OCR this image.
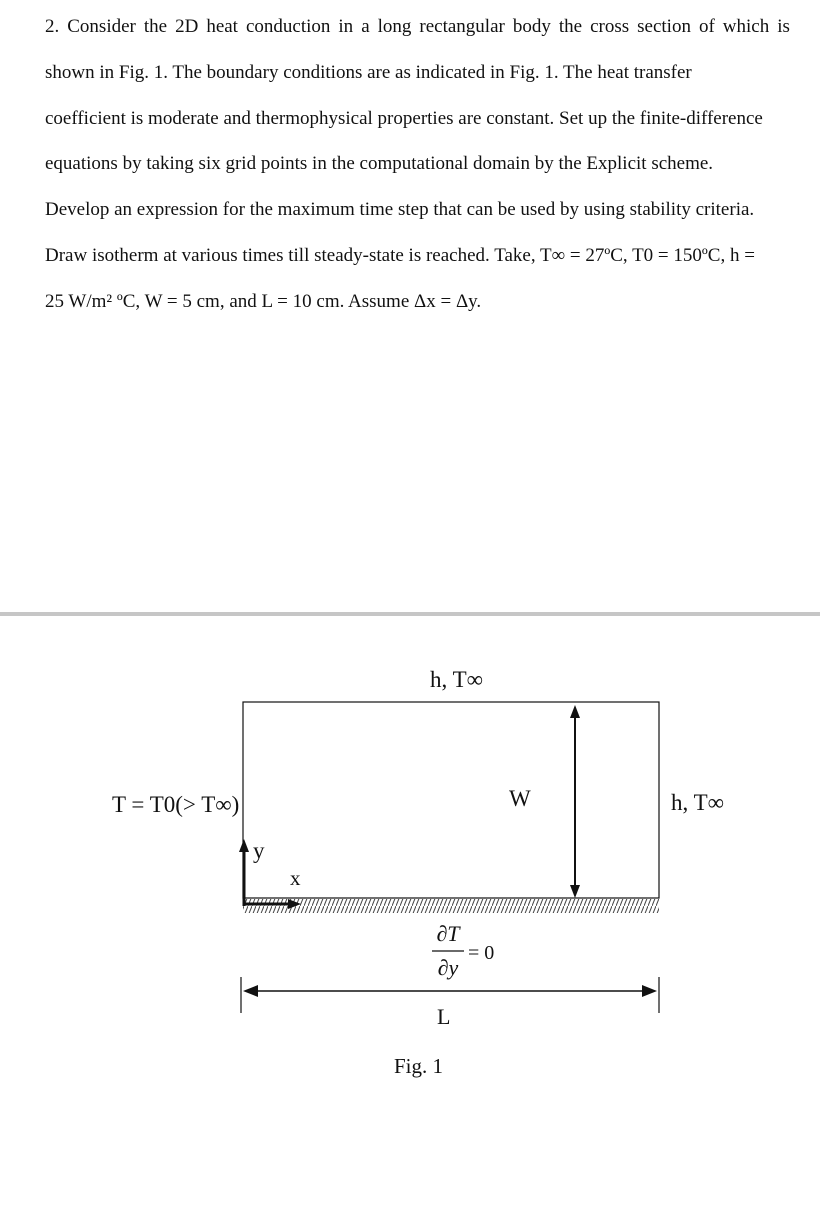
2. Consider the 2D heat conduction in a long rectangular body the cross section of which is
shown in Fig. 1. The boundary conditions are as indicated in Fig. 1. The heat transfer
coefficient is moderate and thermophysical properties are constant. Set up the finite-difference
equations by taking six grid points in the computational domain by the Explicit scheme.
Develop an expression for the maximum time step that can be used by using stability criteria.
Draw isotherm at various times till steady-state is reached. Take, T∞ = 27ºC, T0 = 150ºC, h =
25 W/m² ºC, W = 5 cm, and L = 10 cm. Assume Δx = Δy.
h, T∞
T = T0(> T∞)	h, T∞
W
y
x
∂T
∂y
= 0
L
Fig. 1
